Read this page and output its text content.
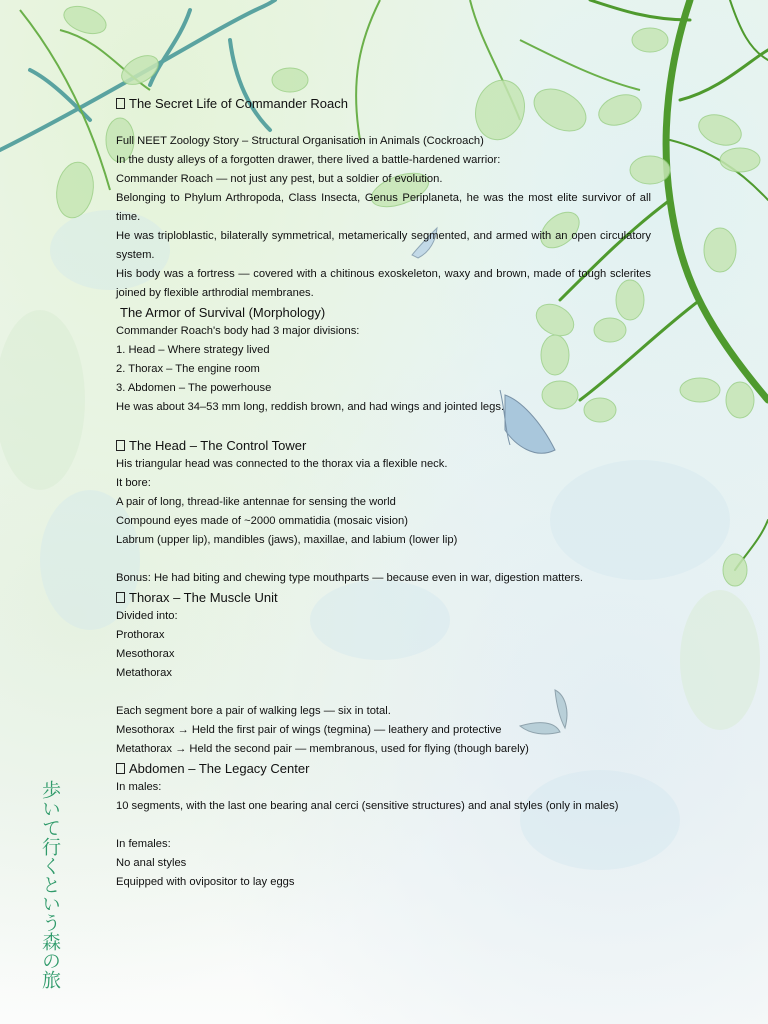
歩いて行くという森の旅

The Secret Life of Commander Roach

Full NEET Zoology Story – Structural Organisation in Animals (Cockroach)

In the dusty alleys of a forgotten drawer, there lived a battle-hardened warrior:

Commander Roach — not just any pest, but a soldier of evolution.

Belonging to Phylum Arthropoda, Class Insecta, Genus Periplaneta, he was the most elite survivor of all time.

He was triploblastic, bilaterally symmetrical, metamerically segmented, and armed with an open circulatory system.

His body was a fortress — covered with a chitinous exoskeleton, waxy and brown, made of tough sclerites joined by flexible arthrodial membranes.

The Armor of Survival (Morphology)

Commander Roach's body had 3 major divisions:

1. Head – Where strategy lived

2. Thorax – The engine room

3. Abdomen – The powerhouse

He was about 34–53 mm long, reddish brown, and had wings and jointed legs.

The Head – The Control Tower

His triangular head was connected to the thorax via a flexible neck.

It bore:

A pair of long, thread-like antennae for sensing the world

Compound eyes made of ~2000 ommatidia (mosaic vision)

Labrum (upper lip), mandibles (jaws), maxillae, and labium (lower lip)

Bonus: He had biting and chewing type mouthparts — because even in war, digestion matters.

Thorax – The Muscle Unit

Divided into:

Prothorax

Mesothorax

Metathorax

Each segment bore a pair of walking legs — six in total.

Mesothorax → Held the first pair of wings (tegmina) — leathery and protective

Metathorax → Held the second pair — membranous, used for flying (though barely)

Abdomen – The Legacy Center

In males:

10 segments, with the last one bearing anal cerci (sensitive structures) and anal styles (only in males)

In females:

No anal styles

Equipped with ovipositor to lay eggs
